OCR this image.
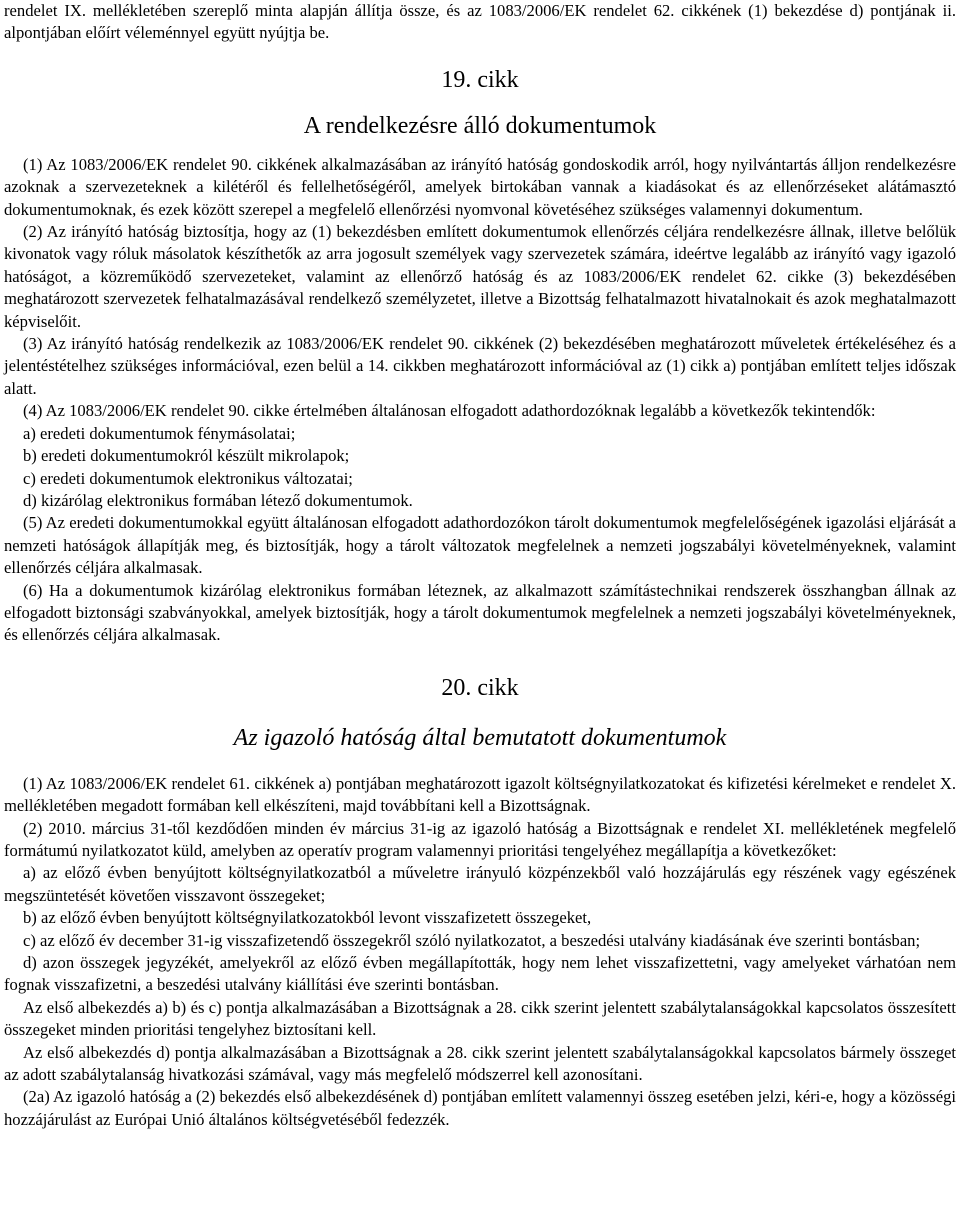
rendelet IX. mellékletében szereplő minta alapján állítja össze, és az 1083/2006/EK rendelet 62. cikkének (1) bekezdése d) pontjának ii. alpontjában előírt véleménnyel együtt nyújtja be.

19. cikk

A rendelkezésre álló dokumentumok

(1) Az 1083/2006/EK rendelet 90. cikkének alkalmazásában az irányító hatóság gondoskodik arról, hogy nyilvántartás álljon rendelkezésre azoknak a szervezeteknek a kilétéről és fellelhetőségéről, amelyek birtokában vannak a kiadásokat és az ellenőrzéseket alátámasztó dokumentumoknak, és ezek között szerepel a megfelelő ellenőrzési nyomvonal követéséhez szükséges valamennyi dokumentum.

(2) Az irányító hatóság biztosítja, hogy az (1) bekezdésben említett dokumentumok ellenőrzés céljára rendelkezésre állnak, illetve belőlük kivonatok vagy róluk másolatok készíthetők az arra jogosult személyek vagy szervezetek számára, ideértve legalább az irányító vagy igazoló hatóságot, a közreműködő szervezeteket, valamint az ellenőrző hatóság és az 1083/2006/EK rendelet 62. cikke (3) bekezdésében meghatározott szervezetek felhatalmazásával rendelkező személyzetet, illetve a Bizottság felhatalmazott hivatalnokait és azok meghatalmazott képviselőit.

(3) Az irányító hatóság rendelkezik az 1083/2006/EK rendelet 90. cikkének (2) bekezdésében meghatározott műveletek értékeléséhez és a jelentéstételhez szükséges információval, ezen belül a 14. cikkben meghatározott információval az (1) cikk a) pontjában említett teljes időszak alatt.

(4) Az 1083/2006/EK rendelet 90. cikke értelmében általánosan elfogadott adathordozóknak legalább a következők tekintendők:

a) eredeti dokumentumok fénymásolatai;

b) eredeti dokumentumokról készült mikrolapok;

c) eredeti dokumentumok elektronikus változatai;

d) kizárólag elektronikus formában létező dokumentumok.

(5) Az eredeti dokumentumokkal együtt általánosan elfogadott adathordozókon tárolt dokumentumok megfelelőségének igazolási eljárását a nemzeti hatóságok állapítják meg, és biztosítják, hogy a tárolt változatok megfelelnek a nemzeti jogszabályi követelményeknek, valamint ellenőrzés céljára alkalmasak.

(6) Ha a dokumentumok kizárólag elektronikus formában léteznek, az alkalmazott számítástechnikai rendszerek összhangban állnak az elfogadott biztonsági szabványokkal, amelyek biztosítják, hogy a tárolt dokumentumok megfelelnek a nemzeti jogszabályi követelményeknek, és ellenőrzés céljára alkalmasak.

20. cikk

Az igazoló hatóság által bemutatott dokumentumok

(1) Az 1083/2006/EK rendelet 61. cikkének a) pontjában meghatározott igazolt költségnyilatkozatokat és kifizetési kérelmeket e rendelet X. mellékletében megadott formában kell elkészíteni, majd továbbítani kell a Bizottságnak.

(2) 2010. március 31-től kezdődően minden év március 31-ig az igazoló hatóság a Bizottságnak e rendelet XI. mellékletének megfelelő formátumú nyilatkozatot küld, amelyben az operatív program valamennyi prioritási tengelyéhez megállapítja a következőket:

a) az előző évben benyújtott költségnyilatkozatból a műveletre irányuló közpénzekből való hozzájárulás egy részének vagy egészének megszüntetését követően visszavont összegeket;

b) az előző évben benyújtott költségnyilatkozatokból levont visszafizetett összegeket,

c) az előző év december 31-ig visszafizetendő összegekről szóló nyilatkozatot, a beszedési utalvány kiadásának éve szerinti bontásban;

d) azon összegek jegyzékét, amelyekről az előző évben megállapították, hogy nem lehet visszafizettetni, vagy amelyeket várhatóan nem fognak visszafizetni, a beszedési utalvány kiállítási éve szerinti bontásban.

Az első albekezdés a) b) és c) pontja alkalmazásában a Bizottságnak a 28. cikk szerint jelentett szabálytalanságokkal kapcsolatos összesített összegeket minden prioritási tengelyhez biztosítani kell.

Az első albekezdés d) pontja alkalmazásában a Bizottságnak a 28. cikk szerint jelentett szabálytalanságokkal kapcsolatos bármely összeget az adott szabálytalanság hivatkozási számával, vagy más megfelelő módszerrel kell azonosítani.

(2a) Az igazoló hatóság a (2) bekezdés első albekezdésének d) pontjában említett valamennyi összeg esetében jelzi, kéri-e, hogy a közösségi hozzájárulást az Európai Unió általános költségvetéséből fedezzék.
